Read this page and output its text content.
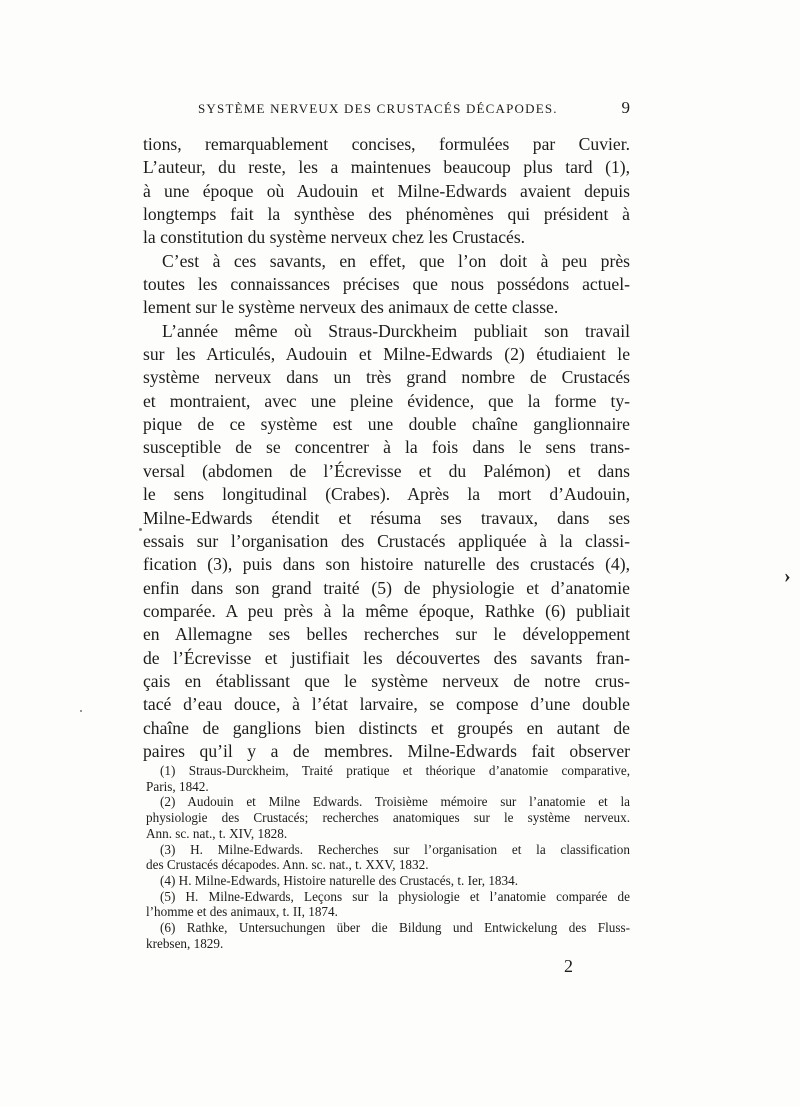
SYSTÈME NERVEUX DES CRUSTACÉS DÉCAPODES.	9
tions, remarquablement concises, formulées par Cuvier.
L’auteur, du reste, les a maintenues beaucoup plus tard (1),
à une époque où Audouin et Milne-Edwards avaient depuis
longtemps fait la synthèse des phénomènes qui président à
la constitution du système nerveux chez les Crustacés.
C’est à ces savants, en effet, que l’on doit à peu près
toutes les connaissances précises que nous possédons actuel-
lement sur le système nerveux des animaux de cette classe.
L’année même où Straus-Durckheim publiait son travail
sur les Articulés, Audouin et Milne-Edwards (2) étudiaient le
système nerveux dans un très grand nombre de Crustacés
et montraient, avec une pleine évidence, que la forme ty-
pique de ce système est une double chaîne ganglionnaire
susceptible de se concentrer à la fois dans le sens trans-
versal (abdomen de l’Écrevisse et du Palémon) et dans
le sens longitudinal (Crabes). Après la mort d’Audouin,
Milne-Edwards étendit et résuma ses travaux, dans ses
essais sur l’organisation des Crustacés appliquée à la classi-
fication (3), puis dans son histoire naturelle des crustacés (4),
enfin dans son grand traité (5) de physiologie et d’anatomie
comparée. A peu près à la même époque, Rathke (6) publiait
en Allemagne ses belles recherches sur le développement
de l’Écrevisse et justifiait les découvertes des savants fran-
çais en établissant que le système nerveux de notre crus-
tacé d’eau douce, à l’état larvaire, se compose d’une double
chaîne de ganglions bien distincts et groupés en autant de
paires qu’il y a de membres. Milne-Edwards fait observer
(1) Straus-Durckheim, Traité pratique et théorique d’anatomie comparative,
Paris, 1842.
(2) Audouin et Milne Edwards. Troisième mémoire sur l’anatomie et la
physiologie des Crustacés; recherches anatomiques sur le système nerveux.
Ann. sc. nat., t. XIV, 1828.
(3) H. Milne-Edwards. Recherches sur l’organisation et la classification
des Crustacés décapodes. Ann. sc. nat., t. XXV, 1832.
(4) H. Milne-Edwards, Histoire naturelle des Crustacés, t. Ier, 1834.
(5) H. Milne-Edwards, Leçons sur la physiologie et l’anatomie comparée de
l’homme et des animaux, t. II, 1874.
(6) Rathke, Untersuchungen über die Bildung und Entwickelung des Fluss-
krebsen, 1829.
2
›
